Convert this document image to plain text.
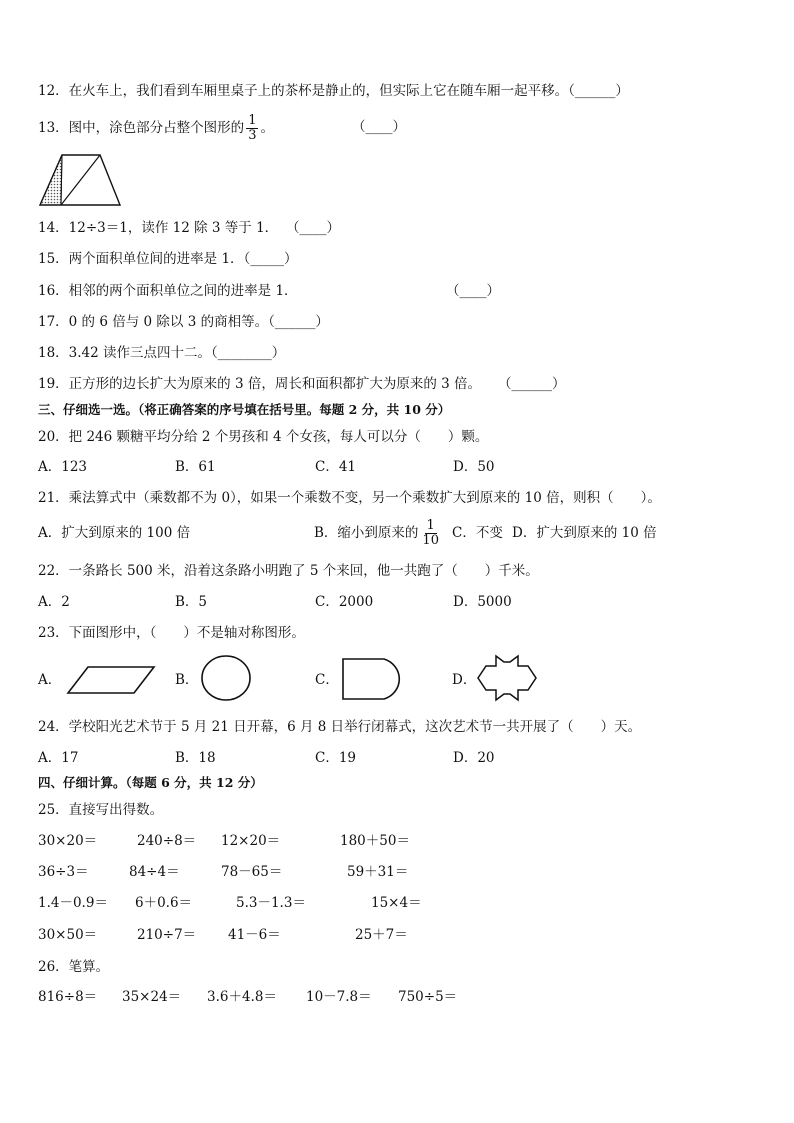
12．在火车上，我们看到车厢里桌子上的茶杯是静止的，但实际上它在随车厢一起平移。（______）
13．图中，涂色部分占整个图形的 $\frac{1}{3}$ 。	（____）
14．12÷3＝1，读作 12 除 3 等于 1． （____）
15．两个面积单位间的进率是 1．（_____）
16．相邻的两个面积单位之间的进率是 1．	（____）
17．0 的 6 倍与 0 除以 3 的商相等。（______）
18．3.42 读作三点四十二。（________）
19．正方形的边长扩大为原来的 3 倍，周长和面积都扩大为原来的 3 倍。 （______）
三、仔细选一选。（将正确答案的序号填在括号里。每题 2 分，共 10 分）
20．把 246 颗糖平均分给 2 个男孩和 4 个女孩，每人可以分（　　）颗。
A．123	B．61	C．41	D．50
21．乘法算式中（乘数都不为 0），如果一个乘数不变，另一个乘数扩大到原来的 10 倍，则积（　　）。
A．扩大到原来的 100 倍	B．缩小到原来的 $\frac{1}{10}$ C．不变 D．扩大到原来的 10 倍
22．一条路长 500 米，沿着这条路小明跑了 5 个来回，他一共跑了（　　）千米。
A．2	B．5	C．2000	D．5000
23．下面图形中，（　　）不是轴对称图形。
A．	B．	C．	D．
24．学校阳光艺术节于 5 月 21 日开幕，6 月 8 日举行闭幕式，这次艺术节一共开展了（　　）天。
A．17	B．18	C．19	D．20
四、仔细计算。（每题 6 分，共 12 分）
25．直接写出得数。
30×20＝	240÷8＝ 12×20＝	180＋50＝
36÷3＝	84÷4＝	78－65＝	59＋31＝
1.4－0.9＝ 6＋0.6＝	5.3－1.3＝	15×4＝
30×50＝	210÷7＝ 41－6＝	25＋7＝
26．笔算。
816÷8＝ 35×24＝ 3.6＋4.8＝ 10－7.8＝ 750÷5＝
